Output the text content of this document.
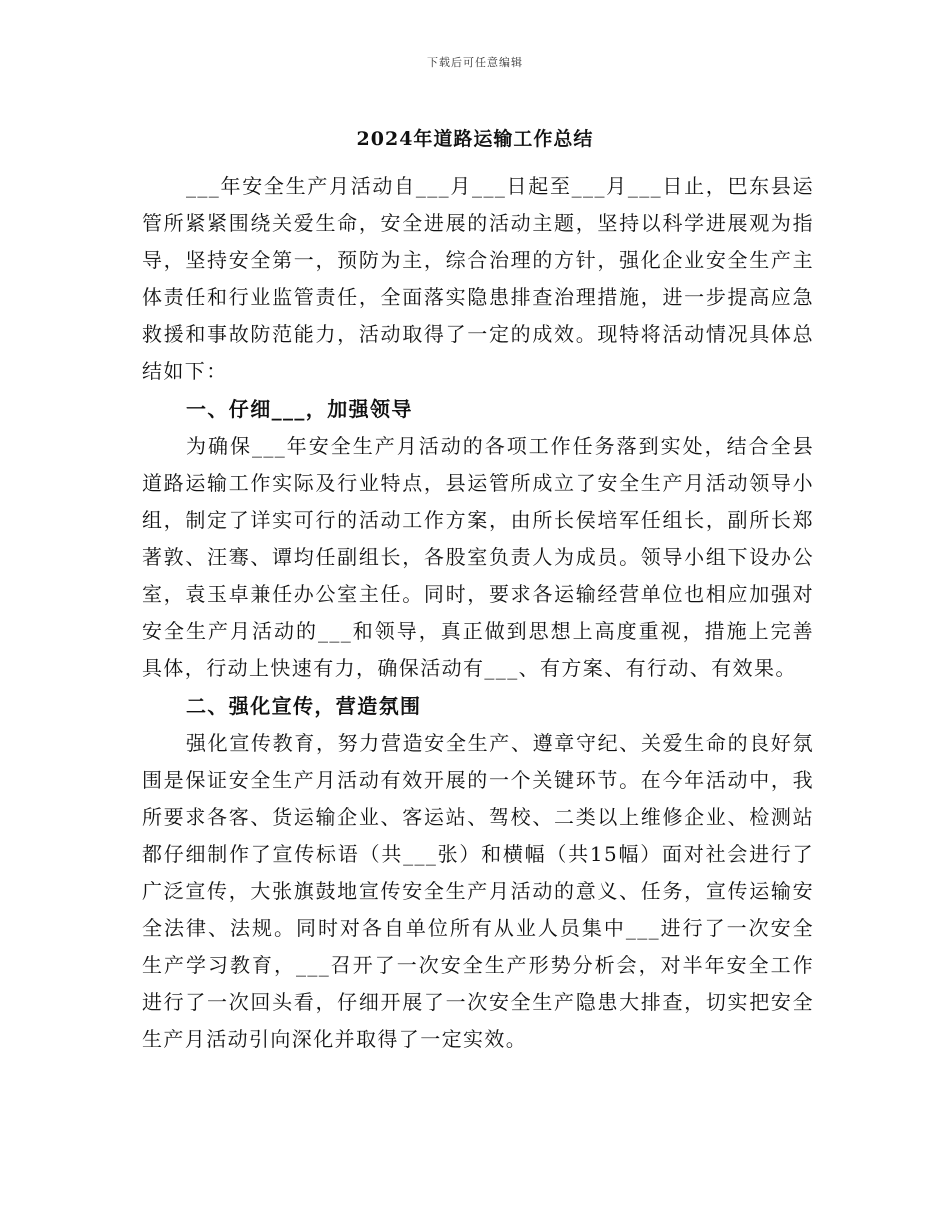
下载后可任意编辑
2024年道路运输工作总结

___年安全生产月活动自___月___日起至___月___日止，巴东县运管所紧紧围绕关爱生命，安全进展的活动主题，坚持以科学进展观为指导，坚持安全第一，预防为主，综合治理的方针，强化企业安全生产主体责任和行业监管责任，全面落实隐患排查治理措施，进一步提高应急救援和事故防范能力，活动取得了一定的成效。现特将活动情况具体总结如下：

一、仔细___，加强领导

为确保___年安全生产月活动的各项工作任务落到实处，结合全县道路运输工作实际及行业特点，县运管所成立了安全生产月活动领导小组，制定了详实可行的活动工作方案，由所长侯培军任组长，副所长郑著敦、汪骞、谭均任副组长，各股室负责人为成员。领导小组下设办公室，袁玉卓兼任办公室主任。同时，要求各运输经营单位也相应加强对安全生产月活动的___和领导，真正做到思想上高度重视，措施上完善具体，行动上快速有力，确保活动有___、有方案、有行动、有效果。

二、强化宣传，营造氛围

强化宣传教育，努力营造安全生产、遵章守纪、关爱生命的良好氛围是保证安全生产月活动有效开展的一个关键环节。在今年活动中，我所要求各客、货运输企业、客运站、驾校、二类以上维修企业、检测站都仔细制作了宣传标语（共___张）和横幅（共15幅）面对社会进行了广泛宣传，大张旗鼓地宣传安全生产月活动的意义、任务，宣传运输安全法律、法规。同时对各自单位所有从业人员集中___进行了一次安全生产学习教育，___召开了一次安全生产形势分析会，对半年安全工作进行了一次回头看，仔细开展了一次安全生产隐患大排查，切实把安全生产月活动引向深化并取得了一定实效。
